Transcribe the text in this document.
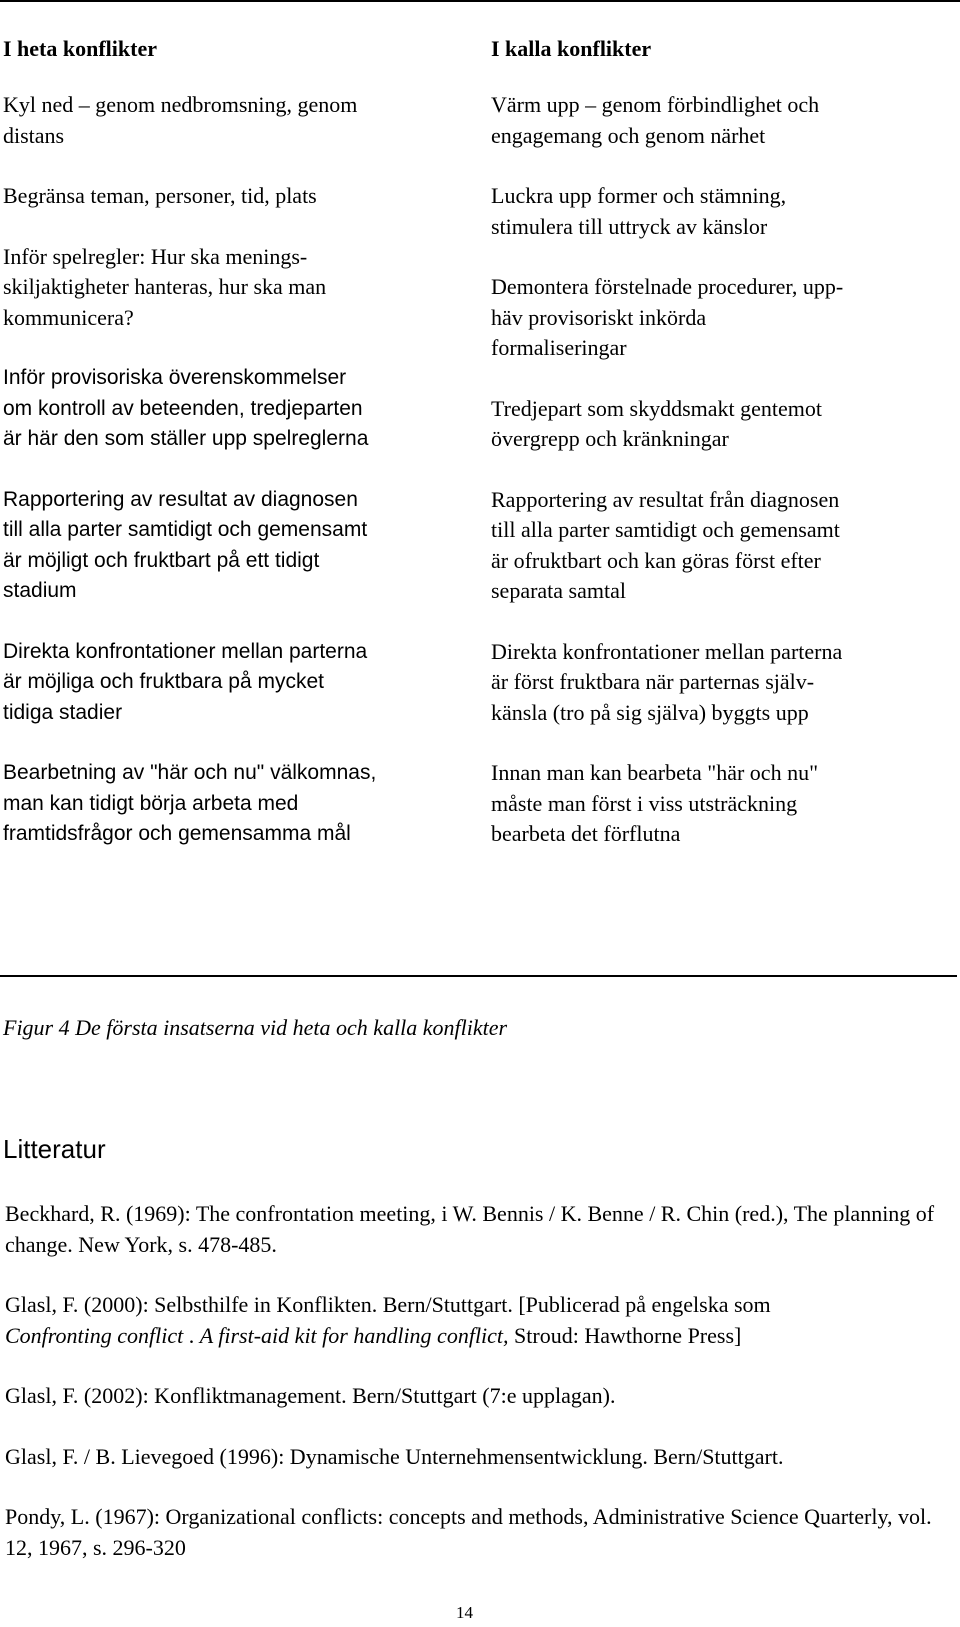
I heta konflikter

Kyl ned – genom nedbromsning, genom
distans

Begränsa teman, personer, tid, plats

Inför spelregler: Hur ska menings-
skiljaktigheter hanteras, hur ska man
kommunicera?

Inför provisoriska överenskommelser
om kontroll av beteenden, tredjeparten
är här den som ställer upp spelreglerna

Rapportering av resultat av diagnosen
till alla parter samtidigt och gemensamt
är möjligt och fruktbart på ett tidigt
stadium

Direkta konfrontationer mellan parterna
är möjliga och fruktbara på mycket
tidiga stadier

Bearbetning av "här och nu" välkomnas,
man kan tidigt börja arbeta med
framtidsfrågor och gemensamma mål

I kalla konflikter

Värm upp – genom förbindlighet och
engagemang och genom närhet

Luckra upp former och stämning,
stimulera till uttryck av känslor

Demontera förstelnade procedurer, upp-
häv provisoriskt inkörda
formaliseringar

Tredjepart som skyddsmakt gentemot
övergrepp och kränkningar

Rapportering av resultat från diagnosen
till alla parter samtidigt och gemensamt
är ofruktbart och kan göras först efter
separata samtal

Direkta konfrontationer mellan parterna
är först fruktbara när parternas själv-
känsla (tro på sig själva) byggts upp

Innan man kan bearbeta "här och nu"
måste man först i viss utsträckning
bearbeta det förflutna

Figur 4 De första insatserna vid heta och kalla konflikter
Litteratur
Beckhard, R. (1969): The confrontation meeting, i W. Bennis / K. Benne / R. Chin (red.), The planning of change. New York, s. 478-485.
Glasl, F. (2000): Selbsthilfe in Konflikten. Bern/Stuttgart. [Publicerad på engelska som
Confronting conflict . A first-aid kit for handling conflict, Stroud: Hawthorne Press]
Glasl, F. (2002): Konfliktmanagement. Bern/Stuttgart (7:e upplagan).
Glasl, F. / B. Lievegoed (1996): Dynamische Unternehmensentwicklung. Bern/Stuttgart.
Pondy, L. (1967): Organizational conflicts: concepts and methods, Administrative Science Quarterly, vol. 12, 1967, s. 296-320
14
